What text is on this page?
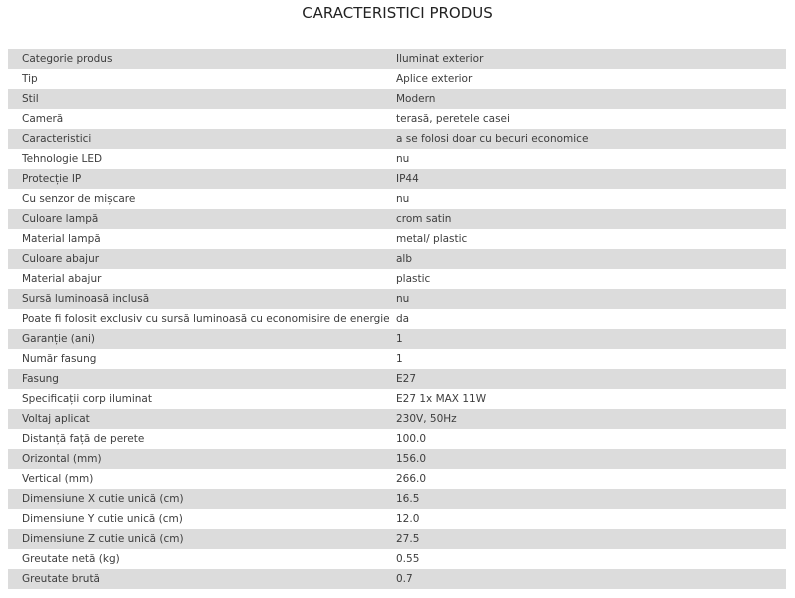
CARACTERISTICI PRODUS
Categorie produs	Iluminat exterior
Tip	Aplice exterior
Stil	Modern
Cameră	terasă, peretele casei
Caracteristici	a se folosi doar cu becuri economice
Tehnologie LED	nu
Protecție IP	IP44
Cu senzor de mișcare	nu
Culoare lampă	crom satin
Material lampă	metal/ plastic
Culoare abajur	alb
Material abajur	plastic
Sursă luminoasă inclusă	nu
Poate fi folosit exclusiv cu sursă luminoasă cu economisire de energie	da
Garanție (ani)	1
Număr fasung	1
Fasung	E27
Specificații corp iluminat	E27 1x MAX 11W
Voltaj aplicat	230V, 50Hz
Distanță față de perete	100.0
Orizontal (mm)	156.0
Vertical (mm)	266.0
Dimensiune X cutie unică (cm)	16.5
Dimensiune Y cutie unică (cm)	12.0
Dimensiune Z cutie unică (cm)	27.5
Greutate netă (kg)	0.55
Greutate brută	0.7
